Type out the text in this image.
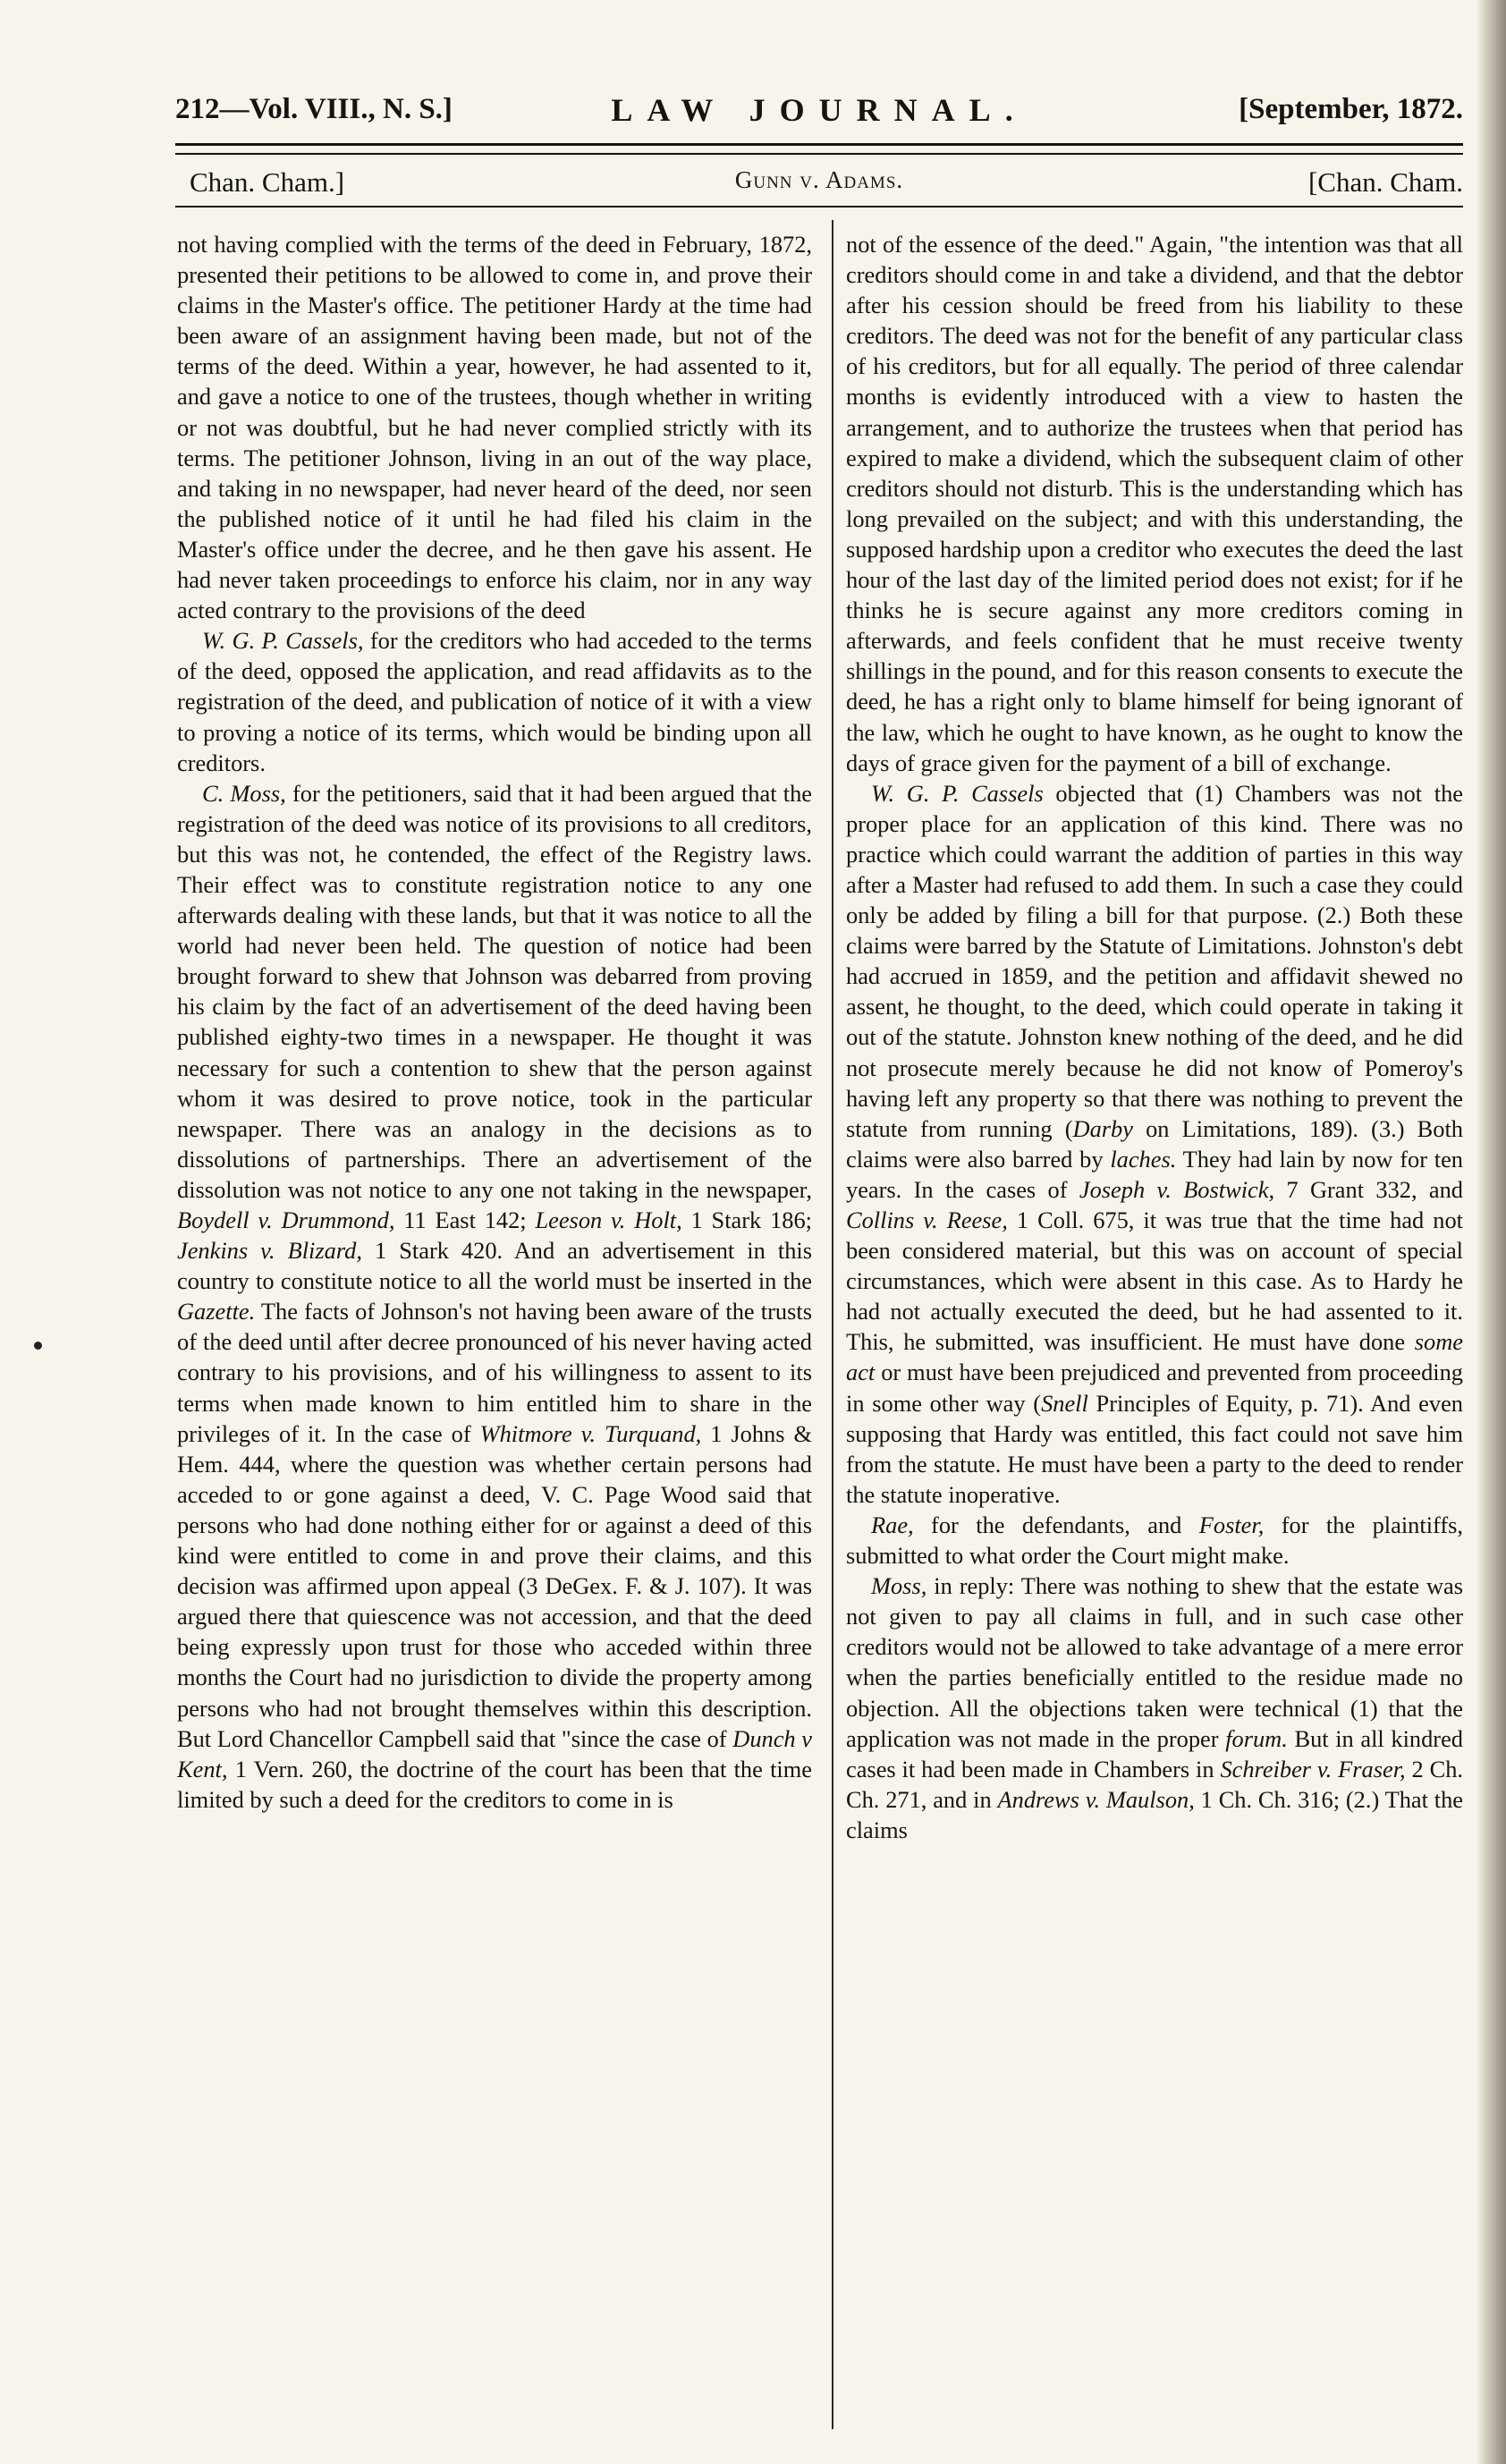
212—Vol. VIII., N. S.]	LAW JOURNAL.	[September, 1872.
Chan. Cham.]	Gunn v. Adams.	[Chan. Cham.

not having complied with the terms of the deed in February, 1872, presented their petitions to be allowed to come in, and prove their claims in the Master's office. The petitioner Hardy at the time had been aware of an assignment having been made, but not of the terms of the deed. Within a year, however, he had assented to it, and gave a notice to one of the trustees, though whether in writing or not was doubtful, but he had never complied strictly with its terms. The petitioner Johnson, living in an out of the way place, and taking in no newspaper, had never heard of the deed, nor seen the published notice of it until he had filed his claim in the Master's office under the decree, and he then gave his assent. He had never taken proceedings to enforce his claim, nor in any way acted contrary to the provisions of the deed

W. G. P. Cassels, for the creditors who had acceded to the terms of the deed, opposed the application, and read affidavits as to the registration of the deed, and publication of notice of it with a view to proving a notice of its terms, which would be binding upon all creditors.

C. Moss, for the petitioners, said that it had been argued that the registration of the deed was notice of its provisions to all creditors, but this was not, he contended, the effect of the Registry laws. Their effect was to constitute registration notice to any one afterwards dealing with these lands, but that it was notice to all the world had never been held. The question of notice had been brought forward to shew that Johnson was debarred from proving his claim by the fact of an advertisement of the deed having been published eighty-two times in a newspaper. He thought it was necessary for such a contention to shew that the person against whom it was desired to prove notice, took in the particular newspaper. There was an analogy in the decisions as to dissolutions of partnerships. There an advertisement of the dissolution was not notice to any one not taking in the newspaper, Boydell v. Drummond, 11 East 142; Leeson v. Holt, 1 Stark 186; Jenkins v. Blizard, 1 Stark 420. And an advertisement in this country to constitute notice to all the world must be inserted in the Gazette. The facts of Johnson's not having been aware of the trusts of the deed until after decree pronounced of his never having acted contrary to his provisions, and of his willingness to assent to its terms when made known to him entitled him to share in the privileges of it. In the case of Whitmore v. Turquand, 1 Johns & Hem. 444, where the question was whether certain persons had acceded to or gone against a deed, V. C. Page Wood said that persons who had done nothing either for or against a deed of this kind were entitled to come in and prove their claims, and this decision was affirmed upon appeal (3 DeGex. F. & J. 107). It was argued there that quiescence was not accession, and that the deed being expressly upon trust for those who acceded within three months the Court had no jurisdiction to divide the property among persons who had not brought themselves within this description. But Lord Chancellor Campbell said that "since the case of Dunch v Kent, 1 Vern. 260, the doctrine of the court has been that the time limited by such a deed for the creditors to come in is

not of the essence of the deed." Again, "the intention was that all creditors should come in and take a dividend, and that the debtor after his cession should be freed from his liability to these creditors. The deed was not for the benefit of any particular class of his creditors, but for all equally. The period of three calendar months is evidently introduced with a view to hasten the arrangement, and to authorize the trustees when that period has expired to make a dividend, which the subsequent claim of other creditors should not disturb. This is the understanding which has long prevailed on the subject; and with this understanding, the supposed hardship upon a creditor who executes the deed the last hour of the last day of the limited period does not exist; for if he thinks he is secure against any more creditors coming in afterwards, and feels confident that he must receive twenty shillings in the pound, and for this reason consents to execute the deed, he has a right only to blame himself for being ignorant of the law, which he ought to have known, as he ought to know the days of grace given for the payment of a bill of exchange.

W. G. P. Cassels objected that (1) Chambers was not the proper place for an application of this kind. There was no practice which could warrant the addition of parties in this way after a Master had refused to add them. In such a case they could only be added by filing a bill for that purpose. (2.) Both these claims were barred by the Statute of Limitations. Johnston's debt had accrued in 1859, and the petition and affidavit shewed no assent, he thought, to the deed, which could operate in taking it out of the statute. Johnston knew nothing of the deed, and he did not prosecute merely because he did not know of Pomeroy's having left any property so that there was nothing to prevent the statute from running (Darby on Limitations, 189). (3.) Both claims were also barred by laches. They had lain by now for ten years. In the cases of Joseph v. Bostwick, 7 Grant 332, and Collins v. Reese, 1 Coll. 675, it was true that the time had not been considered material, but this was on account of special circumstances, which were absent in this case. As to Hardy he had not actually executed the deed, but he had assented to it. This, he submitted, was insufficient. He must have done some act or must have been prejudiced and prevented from proceeding in some other way (Snell Principles of Equity, p. 71). And even supposing that Hardy was entitled, this fact could not save him from the statute. He must have been a party to the deed to render the statute inoperative.

Rae, for the defendants, and Foster, for the plaintiffs, submitted to what order the Court might make.

Moss, in reply: There was nothing to shew that the estate was not given to pay all claims in full, and in such case other creditors would not be allowed to take advantage of a mere error when the parties beneficially entitled to the residue made no objection. All the objections taken were technical (1) that the application was not made in the proper forum. But in all kindred cases it had been made in Chambers in Schreiber v. Fraser, 2 Ch. Ch. 271, and in Andrews v. Maulson, 1 Ch. Ch. 316; (2.) That the claims
